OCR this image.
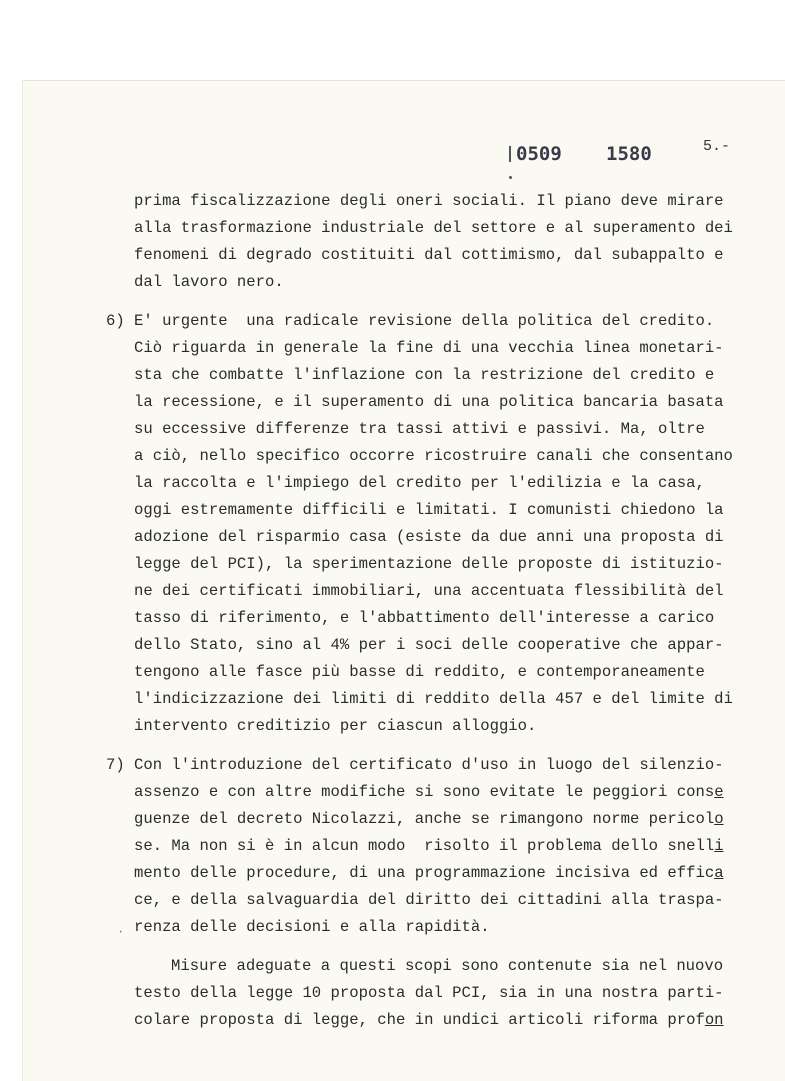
0509 1580	5.-
prima fiscalizzazione degli oneri sociali. Il piano deve mirare
alla trasformazione industriale del settore e al superamento dei
fenomeni di degrado costituiti dal cottimismo, dal subappalto e
dal lavoro nero.
6) E' urgente  una radicale revisione della politica del credito.
Ciò riguarda in generale la fine di una vecchia linea monetari-
sta che combatte l'inflazione con la restrizione del credito e
la recessione, e il superamento di una politica bancaria basata
su eccessive differenze tra tassi attivi e passivi. Ma, oltre
a ciò, nello specifico occorre ricostruire canali che consentano
la raccolta e l'impiego del credito per l'edilizia e la casa,
oggi estremamente difficili e limitati. I comunisti chiedono la
adozione del risparmio casa (esiste da due anni una proposta di
legge del PCI), la sperimentazione delle proposte di istituzio-
ne dei certificati immobiliari, una accentuata flessibilità del
tasso di riferimento, e l'abbattimento dell'interesse a carico
dello Stato, sino al 4% per i soci delle cooperative che appar-
tengono alle fasce più basse di reddito, e contemporaneamente
l'indicizzazione dei limiti di reddito della 457 e del limite di
intervento creditizio per ciascun alloggio.
7) Con l'introduzione del certificato d'uso in luogo del silenzio-
assenzo e con altre modifiche si sono evitate le peggiori conse
guenze del decreto Nicolazzi, anche se rimangono norme pericolo
se. Ma non si è in alcun modo  risolto il problema dello snelli
mento delle procedure, di una programmazione incisiva ed effica
ce, e della salvaguardia del diritto dei cittadini alla traspa-
renza delle decisioni e alla rapidità.
·
Misure adeguate a questi scopi sono contenute sia nel nuovo
testo della legge 10 proposta dal PCI, sia in una nostra parti-
colare proposta di legge, che in undici articoli riforma profon
